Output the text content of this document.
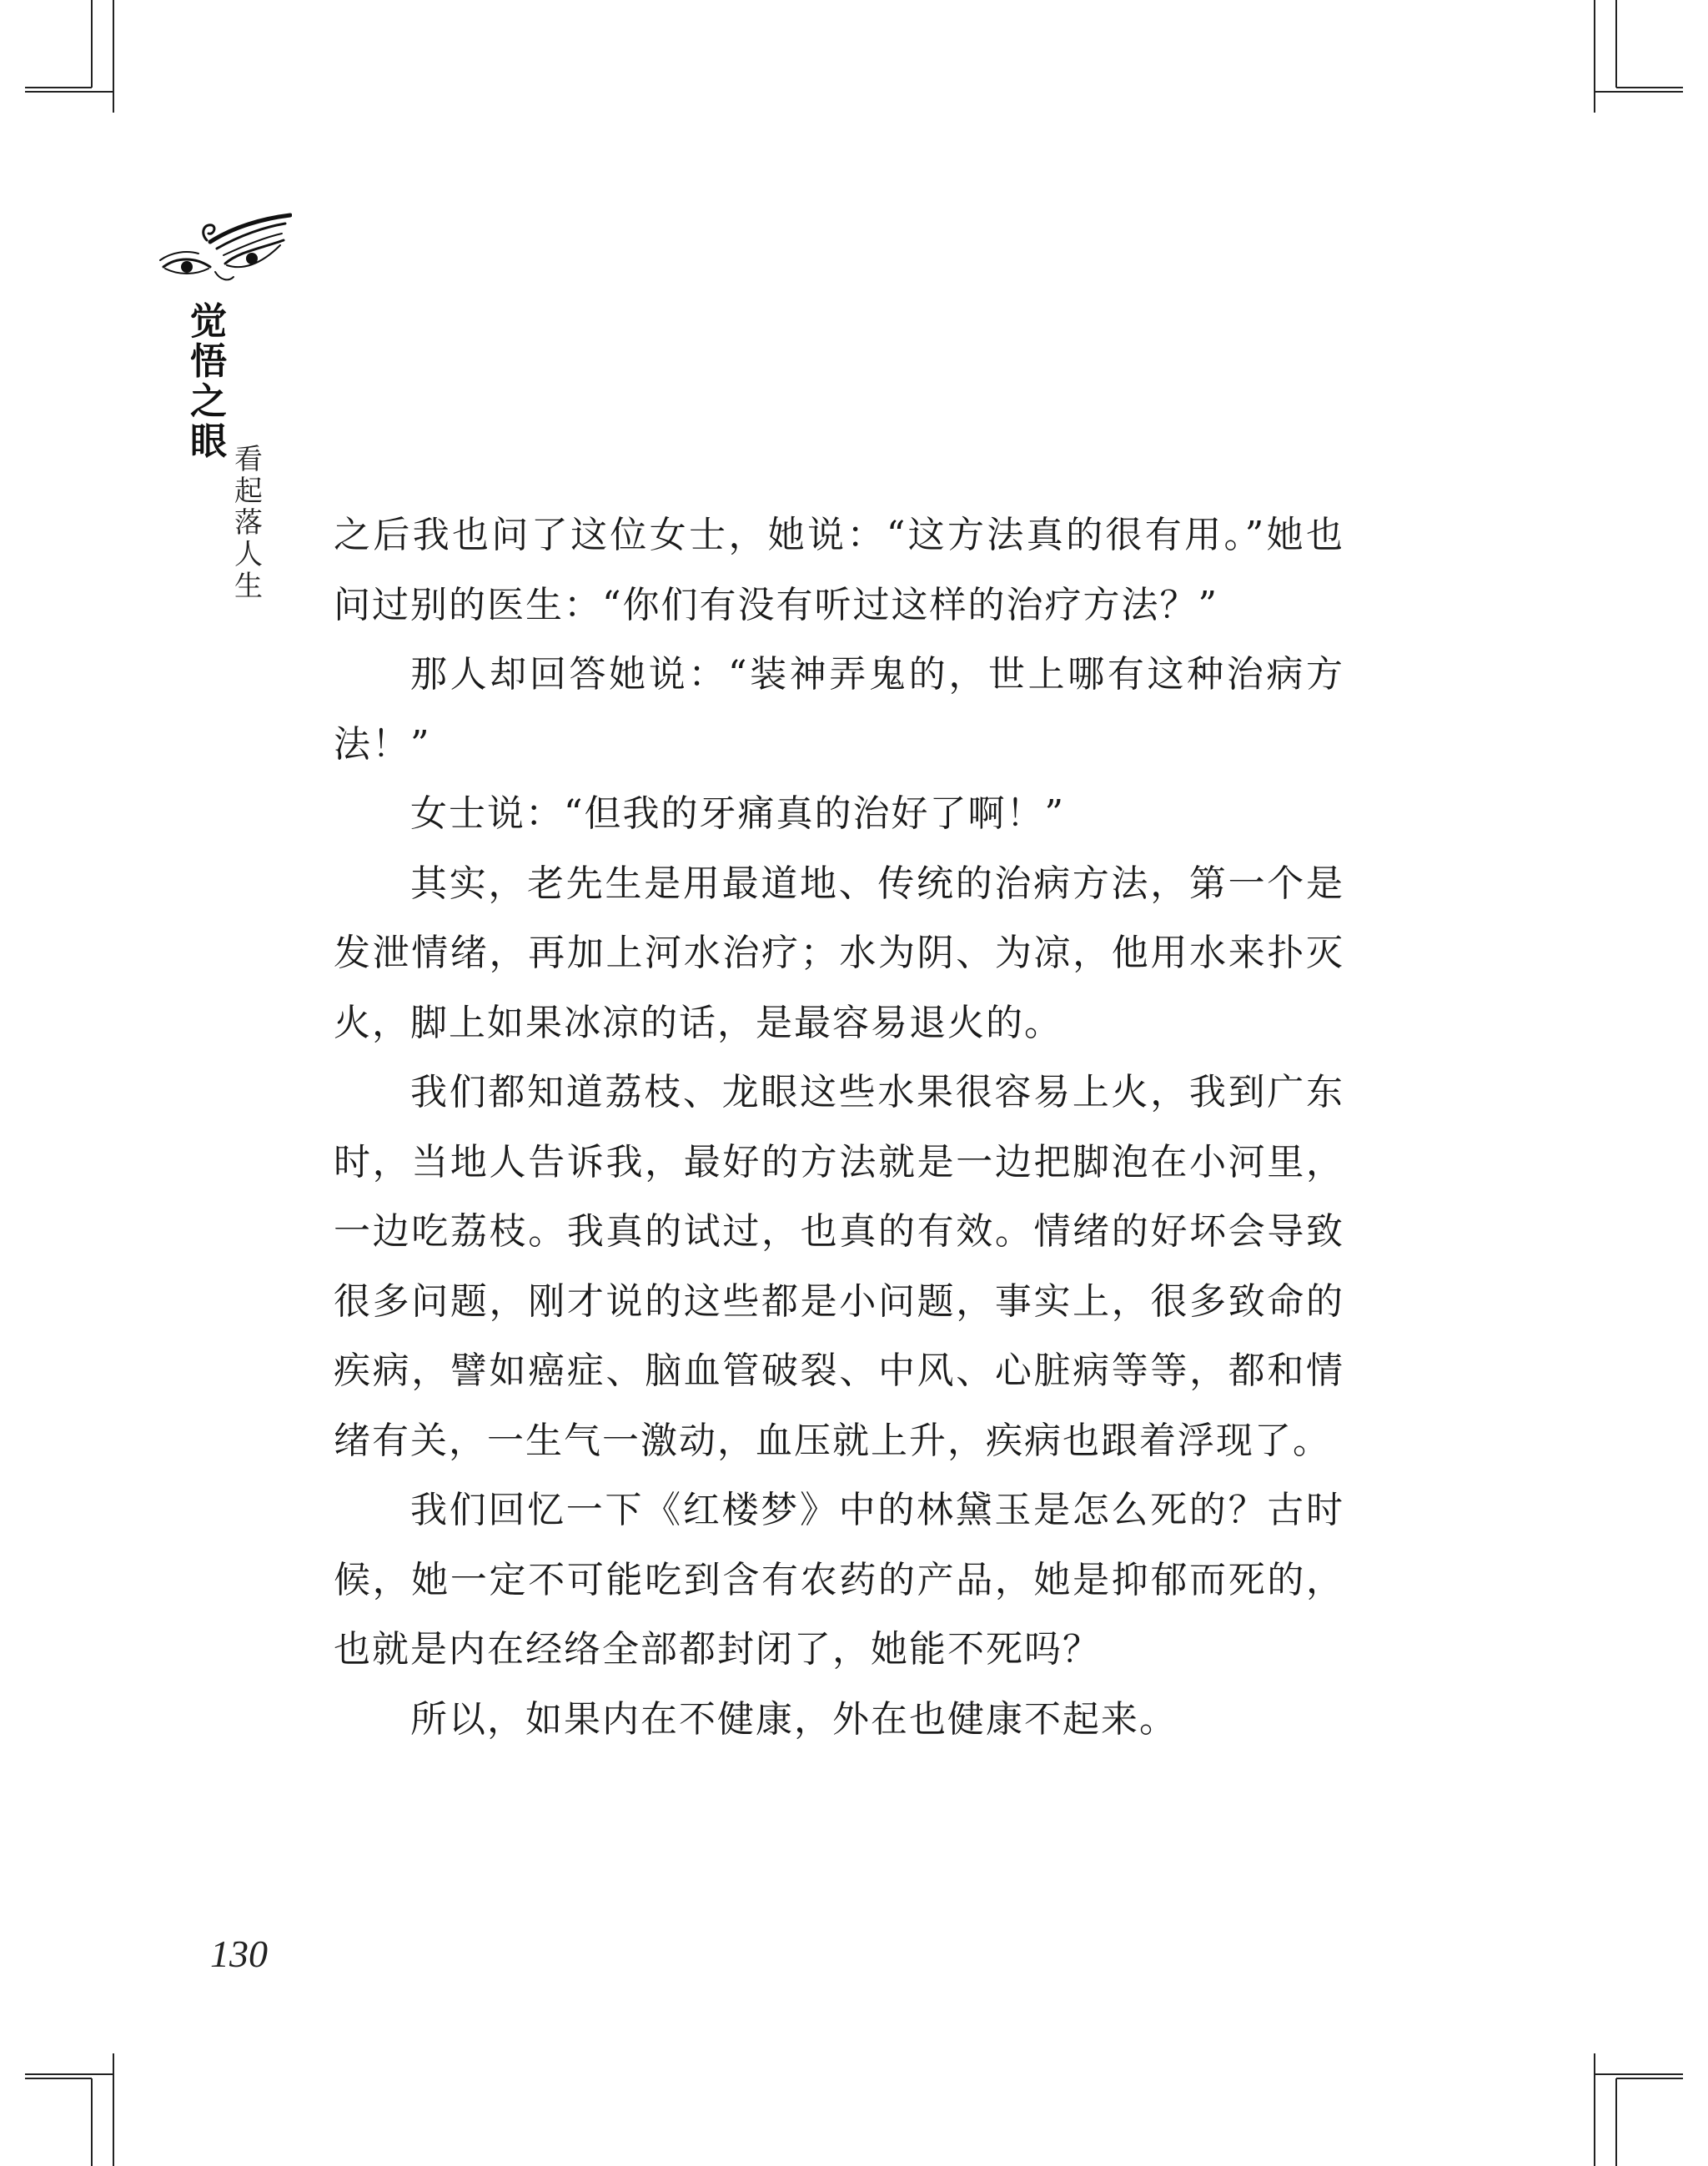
觉悟之眼 看起落人生

之后我也问了这位女士，她说：“这方法真的很有用。”她也问过别的医生：“你们有没有听过这样的治疗方法？”

那人却回答她说：“装神弄鬼的，世上哪有这种治病方法！”

女士说：“但我的牙痛真的治好了啊！”

其实，老先生是用最道地、传统的治病方法，第一个是发泄情绪，再加上河水治疗；水为阴、为凉，他用水来扑灭火，脚上如果冰凉的话，是最容易退火的。

我们都知道荔枝、龙眼这些水果很容易上火，我到广东时，当地人告诉我，最好的方法就是一边把脚泡在小河里，一边吃荔枝。我真的试过，也真的有效。情绪的好坏会导致很多问题，刚才说的这些都是小问题，事实上，很多致命的疾病，譬如癌症、脑血管破裂、中风、心脏病等等，都和情绪有关，一生气一激动，血压就上升，疾病也跟着浮现了。

我们回忆一下《红楼梦》中的林黛玉是怎么死的？古时候，她一定不可能吃到含有农药的产品，她是抑郁而死的，也就是内在经络全部都封闭了，她能不死吗？

所以，如果内在不健康，外在也健康不起来。

130
